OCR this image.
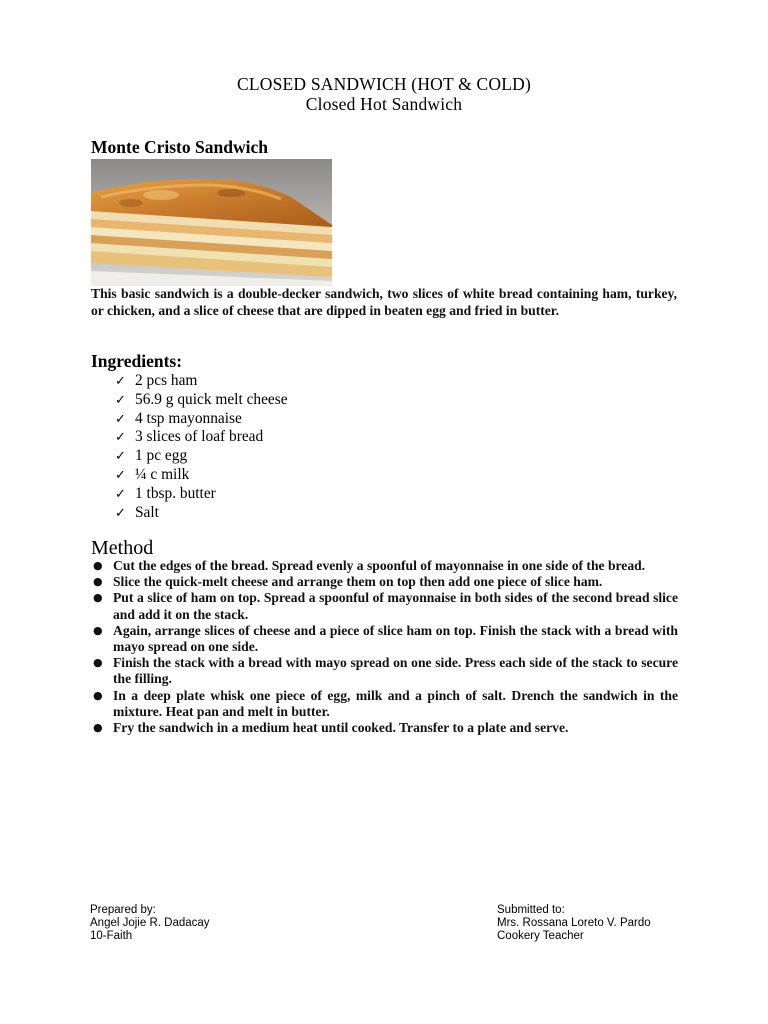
CLOSED SANDWICH (HOT & COLD)
Closed Hot Sandwich
Monte Cristo Sandwich
This basic sandwich is a double-decker sandwich, two slices of white bread containing ham, turkey, or chicken, and a slice of cheese that are dipped in beaten egg and fried in butter.
Ingredients:
✓ 2 pcs ham
✓ 56.9 g quick melt cheese
✓ 4 tsp mayonnaise
✓ 3 slices of loaf bread
✓ 1 pc egg
✓ ¼ c milk
✓ 1 tbsp. butter
✓ Salt
Method
● Cut the edges of the bread. Spread evenly a spoonful of mayonnaise in one side of the bread.
● Slice the quick-melt cheese and arrange them on top then add one piece of slice ham.
● Put a slice of ham on top. Spread a spoonful of mayonnaise in both sides of the second bread slice and add it on the stack.
● Again, arrange slices of cheese and a piece of slice ham on top. Finish the stack with a bread with mayo spread on one side.
● Finish the stack with a bread with mayo spread on one side. Press each side of the stack to secure the filling.
● In a deep plate whisk one piece of egg, milk and a pinch of salt. Drench the sandwich in the mixture. Heat pan and melt in butter.
● Fry the sandwich in a medium heat until cooked. Transfer to a plate and serve.
Prepared by:
Angel Jojie R. Dadacay
10-Faith
Submitted to:
Mrs. Rossana Loreto V. Pardo
Cookery Teacher
